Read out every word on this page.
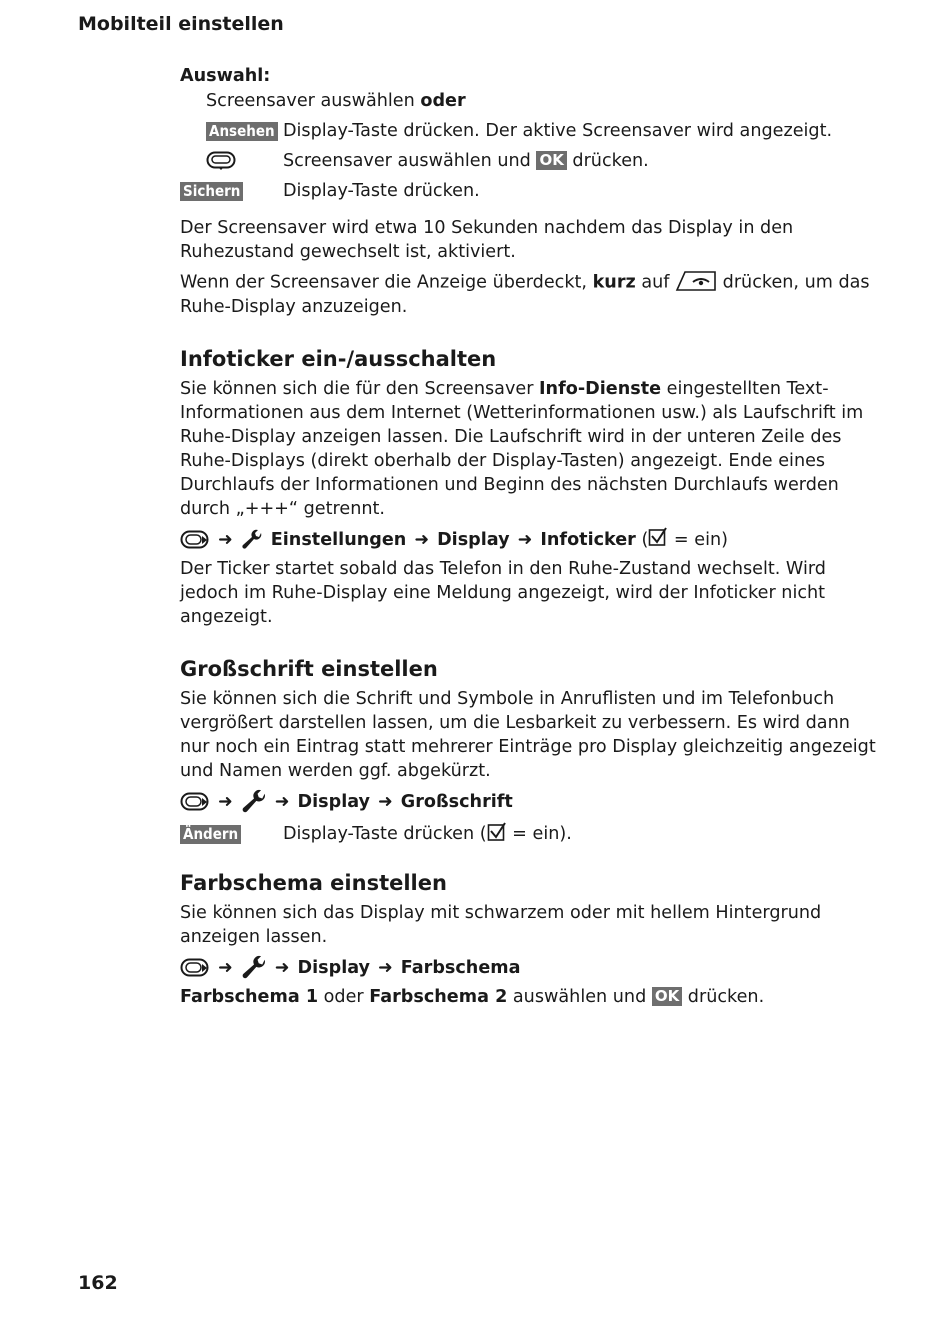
Mobilteil einstellen
Auswahl:
Screensaver auswählen oder
Ansehen Display-Taste drücken. Der aktive Screensaver wird angezeigt.
Screensaver auswählen und OK drücken.
Sichern Display-Taste drücken.

Der Screensaver wird etwa 10 Sekunden nachdem das Display in den Ruhezustand gewechselt ist, aktiviert.

Wenn der Screensaver die Anzeige überdeckt, kurz auf  drücken, um das Ruhe-Display anzuzeigen.

Infoticker ein-/ausschalten

Sie können sich die für den Screensaver Info-Dienste eingestellten Text-Informationen aus dem Internet (Wetterinformationen usw.) als Laufschrift im Ruhe-Display anzeigen lassen. Die Laufschrift wird in der unteren Zeile des Ruhe-Displays (direkt oberhalb der Display-Tasten) angezeigt. Ende eines Durchlaufs der Informationen und Beginn des nächsten Durchlaufs werden durch „+++“ getrennt.

➜ Einstellungen ➜ Display ➜ Infoticker ( = ein)

Der Ticker startet sobald das Telefon in den Ruhe-Zustand wechselt. Wird jedoch im Ruhe-Display eine Meldung angezeigt, wird der Infoticker nicht angezeigt.

Großschrift einstellen

Sie können sich die Schrift und Symbole in Anruflisten und im Telefonbuch vergrößert darstellen lassen, um die Lesbarkeit zu verbessern. Es wird dann nur noch ein Eintrag statt mehrerer Einträge pro Display gleichzeitig angezeigt und Namen werden ggf. abgekürzt.

➜ ➜ Display ➜ Großschrift
Ändern	Display-Taste drücken ( = ein).
Farbschema einstellen

Sie können sich das Display mit schwarzem oder mit hellem Hintergrund anzeigen lassen.

➜ ➜ Display ➜ Farbschema

Farbschema 1 oder Farbschema 2 auswählen und OK drücken.

162
